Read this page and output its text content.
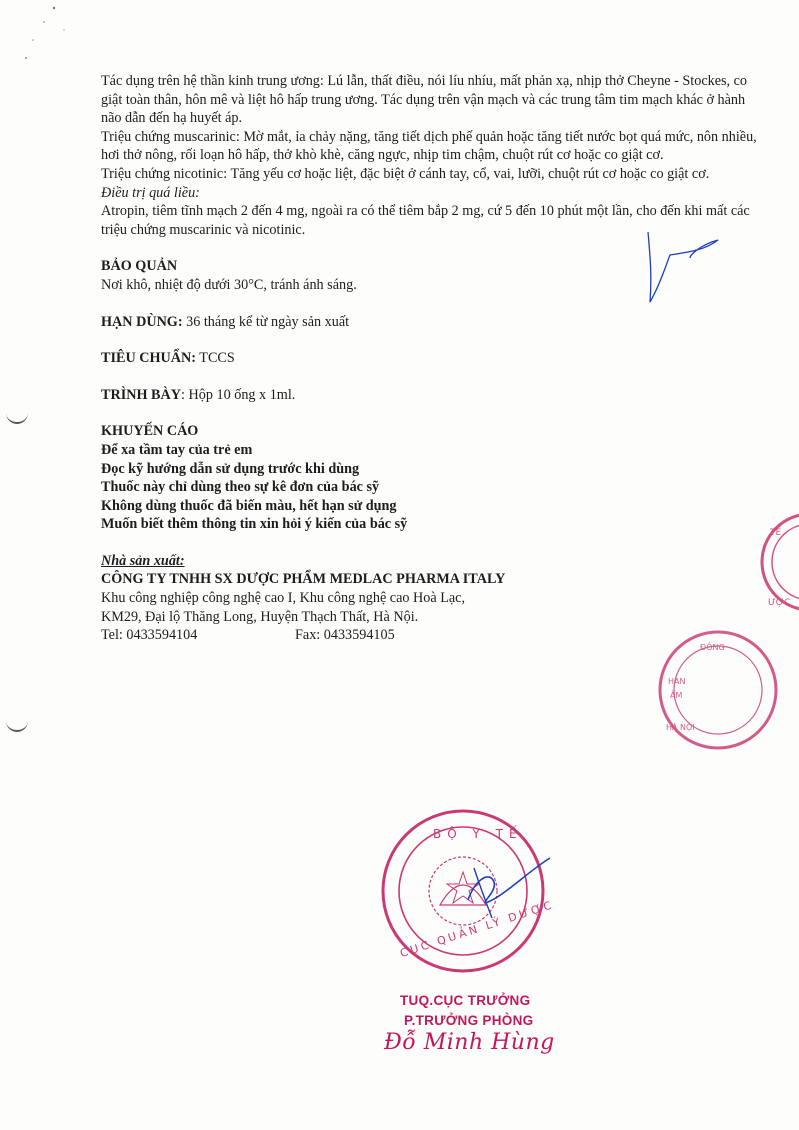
Tác dụng trên hệ thần kinh trung ương: Lú lẫn, thất điều, nói líu nhíu, mất phản xạ, nhịp thở Cheyne - Stockes, co giật toàn thân, hôn mê và liệt hô hấp trung ương. Tác dụng trên vận mạch và các trung tâm tim mạch khác ở hành não dẫn đến hạ huyết áp.

Triệu chứng muscarinic: Mờ mắt, ỉa chảy nặng, tăng tiết dịch phế quản hoặc tăng tiết nước bọt quá mức, nôn nhiều, hơi thở nông, rối loạn hô hấp, thở khò khè, căng ngực, nhịp tim chậm, chuột rút cơ hoặc co giật cơ.

Triệu chứng nicotinic: Tăng yếu cơ hoặc liệt, đặc biệt ở cánh tay, cổ, vai, lưỡi, chuột rút cơ hoặc co giật cơ.

Điều trị quá liều:

Atropin, tiêm tĩnh mạch 2 đến 4 mg, ngoài ra có thể tiêm bắp 2 mg, cứ 5 đến 10 phút một lần, cho đến khi mất các triệu chứng muscarinic và nicotinic.

BẢO QUẢN

Nơi khô, nhiệt độ dưới 30°C, tránh ánh sáng.

HẠN DÙNG: 36 tháng kể từ ngày sản xuất

TIÊU CHUẨN: TCCS

TRÌNH BÀY: Hộp 10 ống x 1ml.

KHUYẾN CÁO

Để xa tầm tay của trẻ em

Đọc kỹ hướng dẫn sử dụng trước khi dùng

Thuốc này chỉ dùng theo sự kê đơn của bác sỹ

Không dùng thuốc đã biến màu, hết hạn sử dụng

Muốn biết thêm thông tin xin hỏi ý kiến của bác sỹ

Nhà sản xuất:

CÔNG TY TNHH SX DƯỢC PHẨM MEDLAC PHARMA ITALY

Khu công nghiệp công nghệ cao I, Khu công nghệ cao Hoà Lạc,

KM29, Đại lộ Thăng Long, Huyện Thạch Thất, Hà Nội.

Tel: 0433594104	Fax: 0433594105

TẾ
ƯỢC
HAN
ÂM
HÀ NỘI
ĐÔNG
BỘ Y TẾ
CỤC QUẢN LÝ DƯỢC
TUQ.CỤC TRƯỞNG
P.TRƯỞNG PHÒNG
Đỗ Minh Hùng
